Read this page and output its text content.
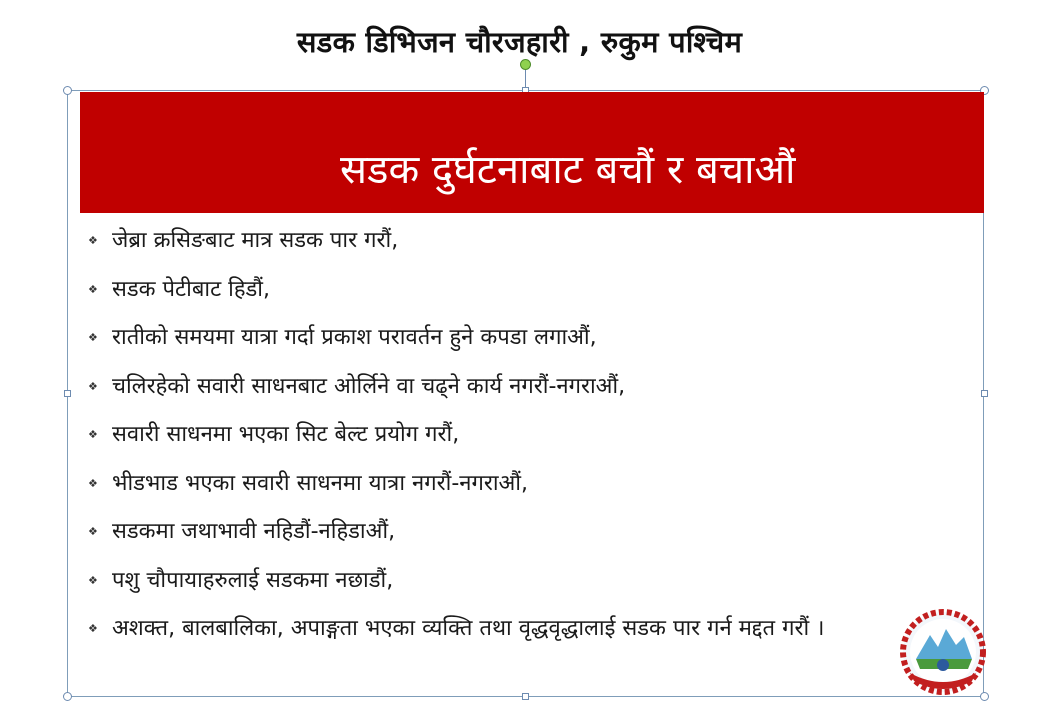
सडक डिभिजन चौरजहारी , रुकुम पश्चिम
सडक दुर्घटनाबाट बचौं र बचाऔं
❖ जेब्रा क्रसिङबाट मात्र सडक पार गरौं,
❖ सडक पेटीबाट हिडौं,
❖ रातीको समयमा यात्रा गर्दा प्रकाश परावर्तन हुने कपडा लगाऔं,
❖ चलिरहेको सवारी साधनबाट ओर्लिने वा चढ्ने कार्य नगरौं-नगराऔं,
❖ सवारी साधनमा भएका सिट बेल्ट प्रयोग गरौं,
❖ भीडभाड भएका सवारी साधनमा यात्रा नगरौं-नगराऔं,
❖ सडकमा जथाभावी नहिडौं-नहिडाऔं,
❖ पशु चौपायाहरुलाई सडकमा नछाडौं,
❖ अशक्त, बालबालिका, अपाङ्गता भएका व्यक्ति तथा वृद्धवृद्धालाई सडक पार गर्न मद्दत गरौं ।
